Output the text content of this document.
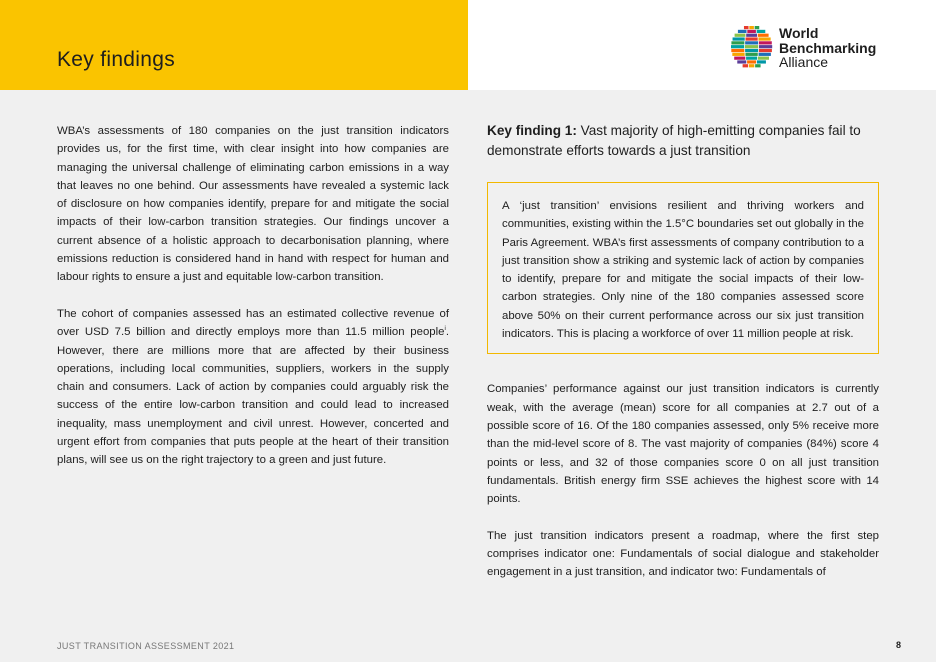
Key findings
World
Benchmarking
Alliance

WBA’s assessments of 180 companies on the just transition indicators provides us, for the first time, with clear insight into how companies are managing the universal challenge of eliminating carbon emissions in a way that leaves no one behind. Our assessments have revealed a systemic lack of disclosure on how companies identify, prepare for and mitigate the social impacts of their low-carbon transition strategies. Our findings uncover a current absence of a holistic approach to decarbonisation planning, where emissions reduction is considered hand in hand with respect for human and labour rights to ensure a just and equitable low-carbon transition.

The cohort of companies assessed has an estimated collective revenue of over USD 7.5 billion and directly employs more than 11.5 million people$^i$. However, there are millions more that are affected by their business operations, including local communities, suppliers, workers in the supply chain and consumers. Lack of action by companies could arguably risk the success of the entire low-carbon transition and could lead to increased inequality, mass unemployment and civil unrest. However, concerted and urgent effort from companies that puts people at the heart of their transition plans, will see us on the right trajectory to a green and just future.

Key finding 1: Vast majority of high-emitting companies fail to demonstrate efforts towards a just transition

A ‘just transition’ envisions resilient and thriving workers and communities, existing within the 1.5°C boundaries set out globally in the Paris Agreement. WBA’s first assessments of company contribution to a just transition show a striking and systemic lack of action by companies to identify, prepare for and mitigate the social impacts of their low-carbon strategies. Only nine of the 180 companies assessed score above 50% on their current performance across our six just transition indicators. This is placing a workforce of over 11 million people at risk.

Companies’ performance against our just transition indicators is currently weak, with the average (mean) score for all companies at 2.7 out of a possible score of 16. Of the 180 companies assessed, only 5% receive more than the mid-level score of 8. The vast majority of companies (84%) score 4 points or less, and 32 of those companies score 0 on all just transition fundamentals. British energy firm SSE achieves the highest score with 14 points.

The just transition indicators present a roadmap, where the first step comprises indicator one: Fundamentals of social dialogue and stakeholder engagement in a just transition, and indicator two: Fundamentals of

JUST TRANSITION ASSESSMENT 2021	8
